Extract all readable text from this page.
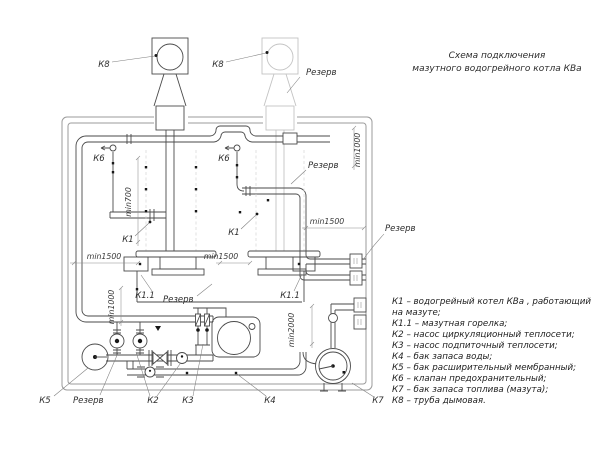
min700
min1500	min1500
min1500
min1000
min1000
min2000
К8	К8
К6	К6
К1
К1
К1.1	К1.1
Резерв
Резерв
Резерв
Резерв
Резерв
К5	К2	К3	К4	К7
Схема подключения
мазутного водогрейного котла КВа
К1 – водогрейный котел КВа , работающий
на мазуте;
К1.1 – мазутная горелка;
К2 – насос циркуляционный теплосети;
К3 – насос подпиточный теплосети;
К4 – бак запаса воды;
К5 – бак расширительный мембранный;
К6 – клапан предохранительный;
К7 – бак запаса топлива (мазута);
К8 – труба дымовая.
